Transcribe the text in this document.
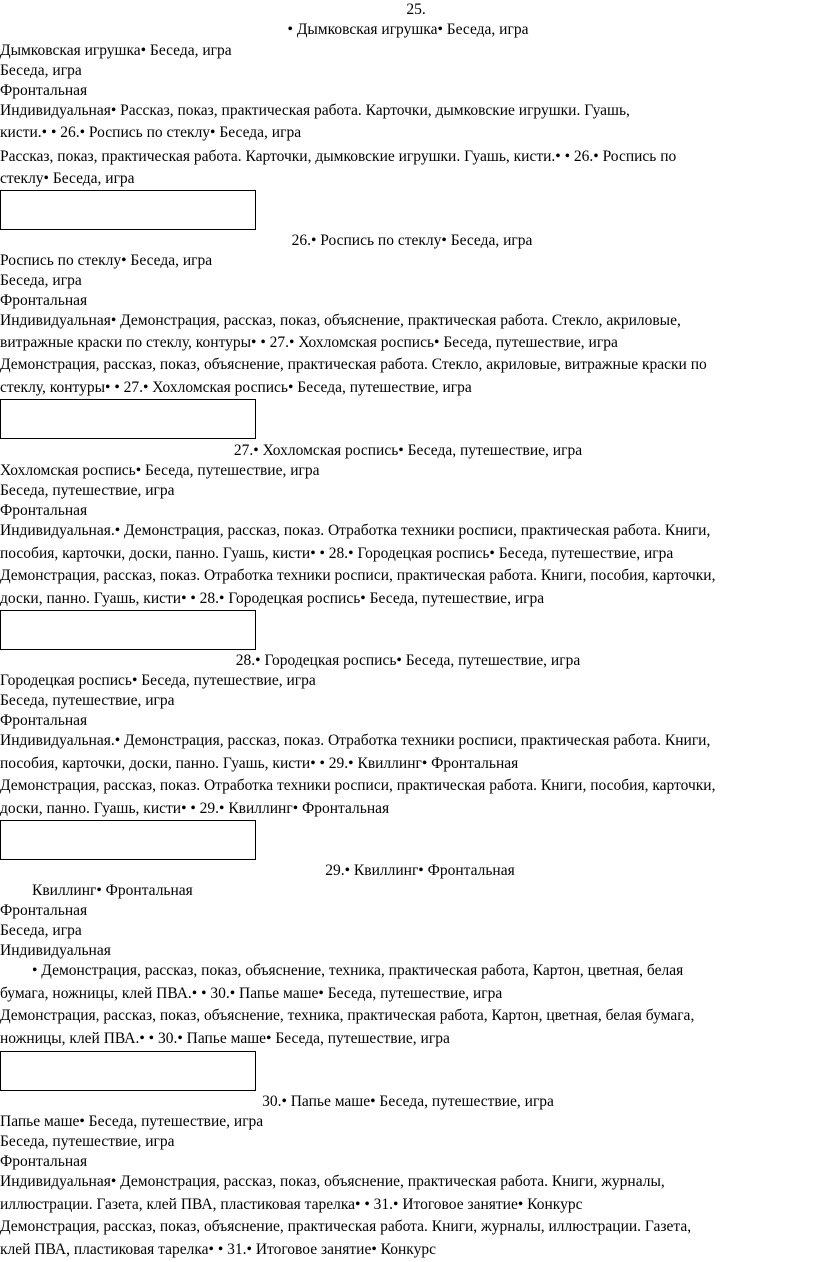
25.
• Дымковская игрушка• Беседа, игра
Дымковская игрушка• Беседа, игра
Беседа, игра
Фронтальная
Индивидуальная• Рассказ, показ, практическая работа. Карточки, дымковские игрушки. Гуашь,
кисти.• • 26.• Роспись по стеклу• Беседа, игра
Рассказ, показ, практическая работа. Карточки, дымковские игрушки. Гуашь, кисти.• • 26.• Роспись по
стеклу• Беседа, игра
26.• Роспись по стеклу• Беседа, игра
Роспись по стеклу• Беседа, игра
Беседа, игра
Фронтальная
Индивидуальная• Демонстрация, рассказ, показ, объяснение, практическая работа. Стекло, акриловые,
витражные краски по стеклу, контуры• • 27.• Хохломская роспись• Беседа, путешествие, игра
Демонстрация, рассказ, показ, объяснение, практическая работа. Стекло, акриловые, витражные краски по
стеклу, контуры• • 27.• Хохломская роспись• Беседа, путешествие, игра
27.• Хохломская роспись• Беседа, путешествие, игра
Хохломская роспись• Беседа, путешествие, игра
Беседа, путешествие, игра
Фронтальная
Индивидуальная.• Демонстрация, рассказ, показ. Отработка техники росписи, практическая работа. Книги,
пособия, карточки, доски, панно. Гуашь, кисти• • 28.• Городецкая роспись• Беседа, путешествие, игра
Демонстрация, рассказ, показ. Отработка техники росписи, практическая работа. Книги, пособия, карточки,
доски, панно. Гуашь, кисти• • 28.• Городецкая роспись• Беседа, путешествие, игра
28.• Городецкая роспись• Беседа, путешествие, игра
Городецкая роспись• Беседа, путешествие, игра
Беседа, путешествие, игра
Фронтальная
Индивидуальная.• Демонстрация, рассказ, показ. Отработка техники росписи, практическая работа. Книги,
пособия, карточки, доски, панно. Гуашь, кисти• • 29.• Квиллинг• Фронтальная
Демонстрация, рассказ, показ. Отработка техники росписи, практическая работа. Книги, пособия, карточки,
доски, панно. Гуашь, кисти• • 29.• Квиллинг• Фронтальная
29.• Квиллинг• Фронтальная
Квиллинг• Фронтальная
Фронтальная
Беседа, игра
Индивидуальная
• Демонстрация, рассказ, показ, объяснение, техника, практическая работа, Картон, цветная, белая
бумага, ножницы, клей ПВА.• • 30.• Папье маше• Беседа, путешествие, игра
Демонстрация, рассказ, показ, объяснение, техника, практическая работа, Картон, цветная, белая бумага,
ножницы, клей ПВА.• • 30.• Папье маше• Беседа, путешествие, игра
30.• Папье маше• Беседа, путешествие, игра
Папье маше• Беседа, путешествие, игра
Беседа, путешествие, игра
Фронтальная
Индивидуальная• Демонстрация, рассказ, показ, объяснение, практическая работа. Книги, журналы,
иллюстрации. Газета, клей ПВА, пластиковая тарелка• • 31.• Итоговое занятие• Конкурс
Демонстрация, рассказ, показ, объяснение, практическая работа. Книги, журналы, иллюстрации. Газета,
клей ПВА, пластиковая тарелка• • 31.• Итоговое занятие• Конкурс
